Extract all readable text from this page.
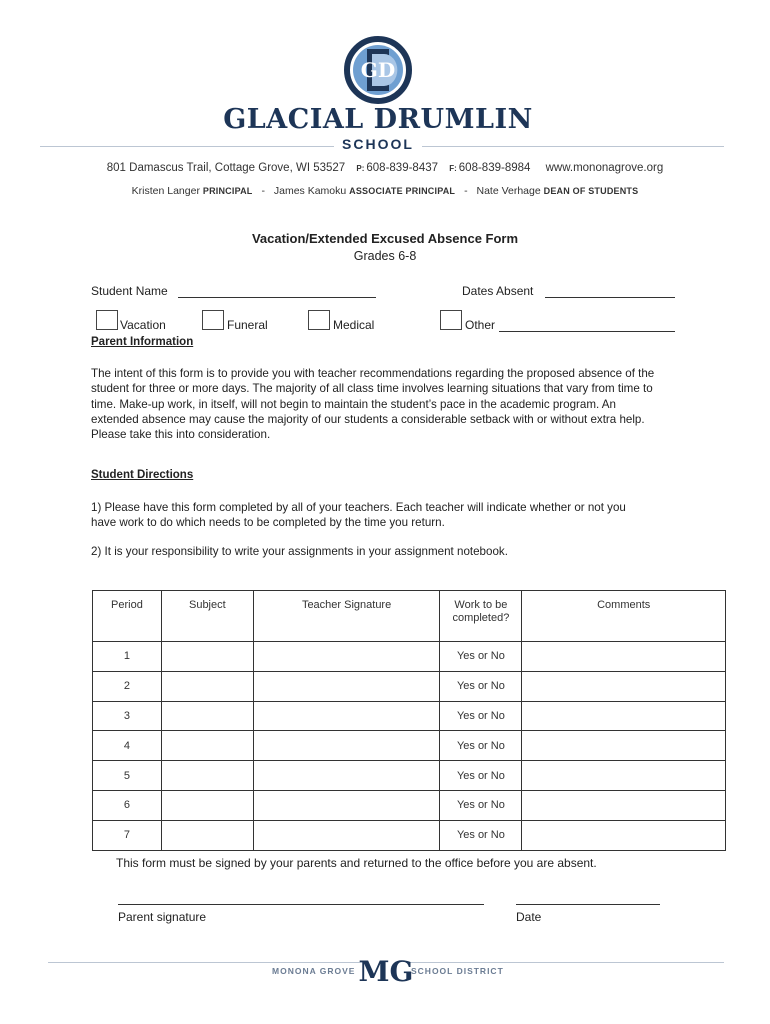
GD
GLACIAL DRUMLIN
SCHOOL
801 Damascus Trail, Cottage Grove, WI 53527 P: 608-839-8437 F: 608-839-8984 www.mononagrove.org
Kristen Langer PRINCIPAL - James Kamoku ASSOCIATE PRINCIPAL - Nate Verhage DEAN OF STUDENTS
Vacation/Extended Excused Absence Form
Grades 6-8
Student Name	Dates Absent
Vacation	Funeral	Medical	Other
Parent Information
The intent of this form is to provide you with teacher recommendations regarding the proposed absence of the student for three or more days. The majority of all class time involves learning situations that vary from time to time. Make-up work, in itself, will not begin to maintain the student’s pace in the academic program. An extended absence may cause the majority of our students a considerable setback with or without extra help. Please take this into consideration.
Student Directions
1) Please have this form completed by all of your teachers. Each teacher will indicate whether or not you have work to do which needs to be completed by the time you return.
2) It is your responsibility to write your assignments in your assignment notebook.
Period	Subject	Teacher Signature	Work to be completed?	Comments
1			Yes or No	
2			Yes or No	
3			Yes or No	
4			Yes or No	
5			Yes or No	
6			Yes or No	
7			Yes or No	
This form must be signed by your parents and returned to the office before you are absent.
Parent signature	Date
MONONA GROVE MG
SCHOOL DISTRICT
